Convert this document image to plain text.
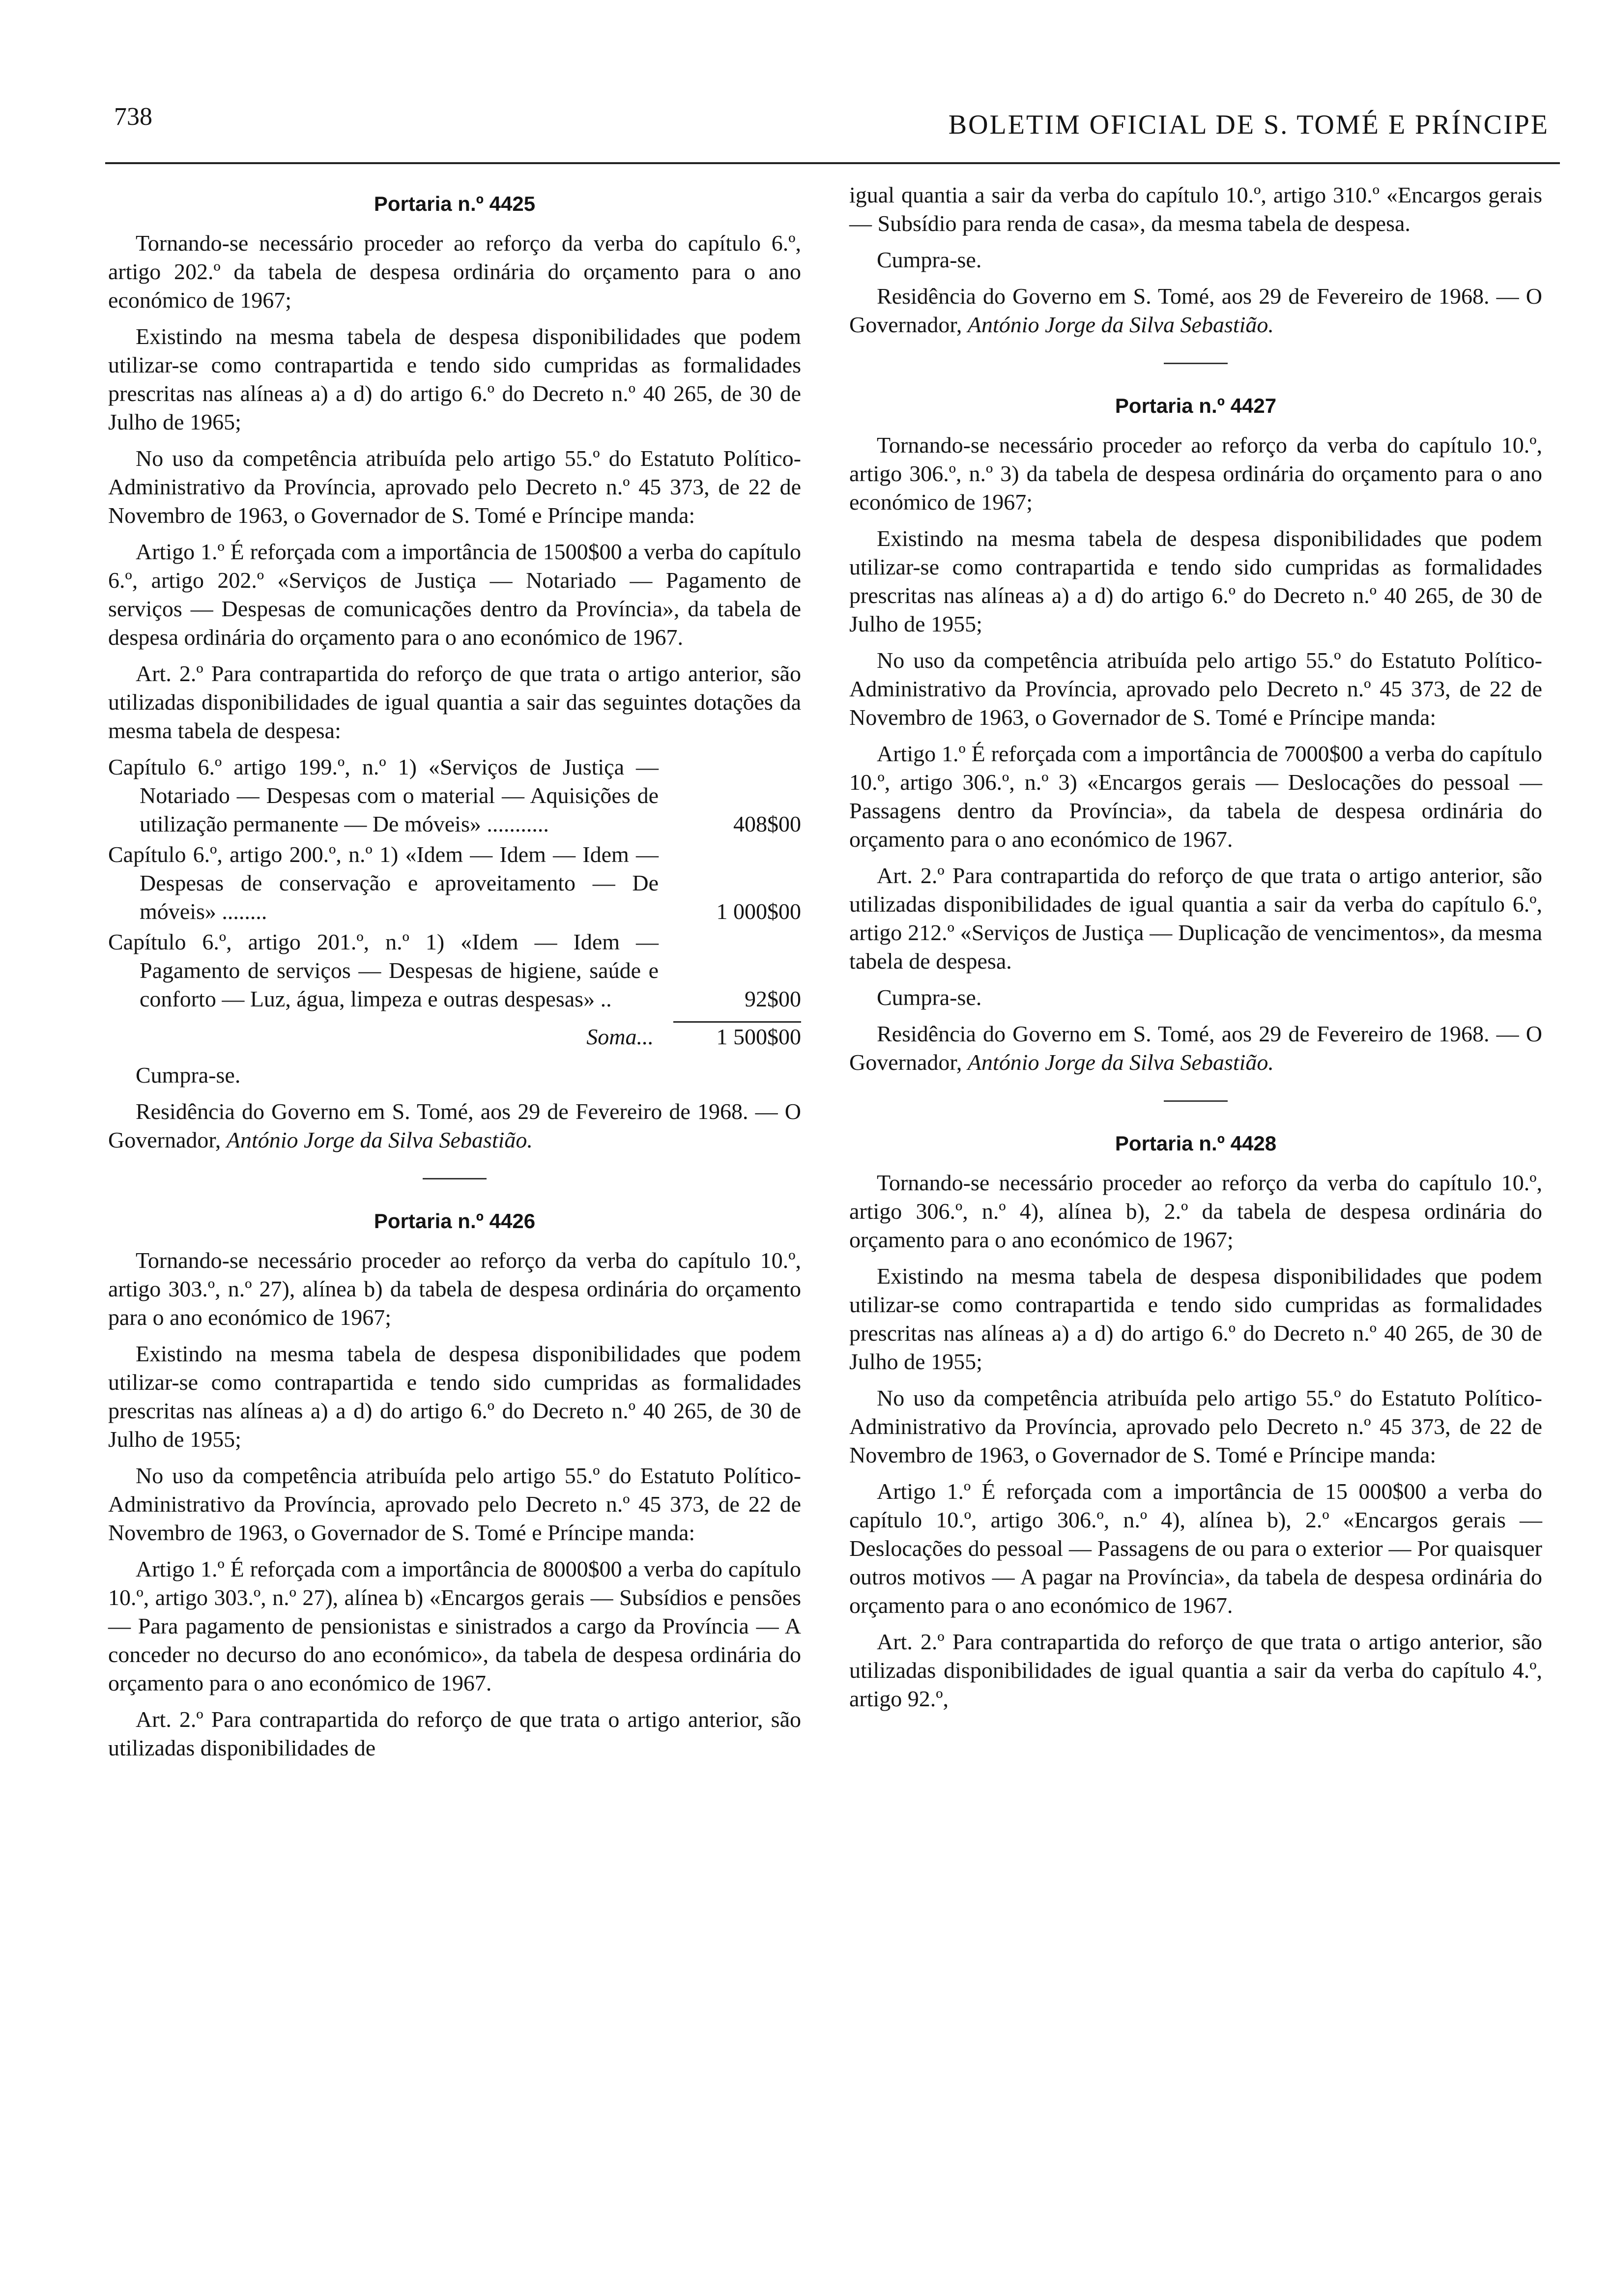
738	BOLETIM OFICIAL DE S. TOMÉ E PRÍNCIPE
Portaria n.º 4425

Tornando-se necessário proceder ao reforço da verba do capítulo 6.º, artigo 202.º da tabela de despesa ordinária do orçamento para o ano económico de 1967;

Existindo na mesma tabela de despesa disponibilidades que podem utilizar-se como contrapartida e tendo sido cumpridas as formalidades prescritas nas alíneas a) a d) do artigo 6.º do Decreto n.º 40 265, de 30 de Julho de 1965;

No uso da competência atribuída pelo artigo 55.º do Estatuto Político-Administrativo da Província, aprovado pelo Decreto n.º 45 373, de 22 de Novembro de 1963, o Governador de S. Tomé e Príncipe manda:

Artigo 1.º É reforçada com a importância de 1500$00 a verba do capítulo 6.º, artigo 202.º «Serviços de Justiça — Notariado — Pagamento de serviços — Despesas de comunicações dentro da Província», da tabela de despesa ordinária do orçamento para o ano económico de 1967.

Art. 2.º Para contrapartida do reforço de que trata o artigo anterior, são utilizadas disponibilidades de igual quantia a sair das seguintes dotações da mesma tabela de despesa:

Capítulo 6.º artigo 199.º, n.º 1) «Serviços de Justiça — Notariado — Despesas com o material — Aquisições de utilização permanente — De móveis» ...........	408$00
Capítulo 6.º, artigo 200.º, n.º 1) «Idem — Idem — Idem — Despesas de conservação e aproveitamento — De móveis» ........	1 000$00
Capítulo 6.º, artigo 201.º, n.º 1) «Idem — Idem — Pagamento de serviços — Despesas de higiene, saúde e conforto — Luz, água, limpeza e outras despesas» ..	92$00
Soma...	1 500$00

Cumpra-se.

Residência do Governo em S. Tomé, aos 29 de Fevereiro de 1968. — O Governador, António Jorge da Silva Sebastião.

Portaria n.º 4426

Tornando-se necessário proceder ao reforço da verba do capítulo 10.º, artigo 303.º, n.º 27), alínea b) da tabela de despesa ordinária do orçamento para o ano económico de 1967;

Existindo na mesma tabela de despesa disponibilidades que podem utilizar-se como contrapartida e tendo sido cumpridas as formalidades prescritas nas alíneas a) a d) do artigo 6.º do Decreto n.º 40 265, de 30 de Julho de 1955;

No uso da competência atribuída pelo artigo 55.º do Estatuto Político-Administrativo da Província, aprovado pelo Decreto n.º 45 373, de 22 de Novembro de 1963, o Governador de S. Tomé e Príncipe manda:

Artigo 1.º É reforçada com a importância de 8000$00 a verba do capítulo 10.º, artigo 303.º, n.º 27), alínea b) «Encargos gerais — Subsídios e pensões — Para pagamento de pensionistas e sinistrados a cargo da Província — A conceder no decurso do ano económico», da tabela de despesa ordinária do orçamento para o ano económico de 1967.

Art. 2.º Para contrapartida do reforço de que trata o artigo anterior, são utilizadas disponibilidades de

igual quantia a sair da verba do capítulo 10.º, artigo 310.º «Encargos gerais — Subsídio para renda de casa», da mesma tabela de despesa.

Cumpra-se.

Residência do Governo em S. Tomé, aos 29 de Fevereiro de 1968. — O Governador, António Jorge da Silva Sebastião.

Portaria n.º 4427

Tornando-se necessário proceder ao reforço da verba do capítulo 10.º, artigo 306.º, n.º 3) da tabela de despesa ordinária do orçamento para o ano económico de 1967;

Existindo na mesma tabela de despesa disponibilidades que podem utilizar-se como contrapartida e tendo sido cumpridas as formalidades prescritas nas alíneas a) a d) do artigo 6.º do Decreto n.º 40 265, de 30 de Julho de 1955;

No uso da competência atribuída pelo artigo 55.º do Estatuto Político-Administrativo da Província, aprovado pelo Decreto n.º 45 373, de 22 de Novembro de 1963, o Governador de S. Tomé e Príncipe manda:

Artigo 1.º É reforçada com a importância de 7000$00 a verba do capítulo 10.º, artigo 306.º, n.º 3) «Encargos gerais — Deslocações do pessoal — Passagens dentro da Província», da tabela de despesa ordinária do orçamento para o ano económico de 1967.

Art. 2.º Para contrapartida do reforço de que trata o artigo anterior, são utilizadas disponibilidades de igual quantia a sair da verba do capítulo 6.º, artigo 212.º «Serviços de Justiça — Duplicação de vencimentos», da mesma tabela de despesa.

Cumpra-se.

Residência do Governo em S. Tomé, aos 29 de Fevereiro de 1968. — O Governador, António Jorge da Silva Sebastião.

Portaria n.º 4428

Tornando-se necessário proceder ao reforço da verba do capítulo 10.º, artigo 306.º, n.º 4), alínea b), 2.º da tabela de despesa ordinária do orçamento para o ano económico de 1967;

Existindo na mesma tabela de despesa disponibilidades que podem utilizar-se como contrapartida e tendo sido cumpridas as formalidades prescritas nas alíneas a) a d) do artigo 6.º do Decreto n.º 40 265, de 30 de Julho de 1955;

No uso da competência atribuída pelo artigo 55.º do Estatuto Político-Administrativo da Província, aprovado pelo Decreto n.º 45 373, de 22 de Novembro de 1963, o Governador de S. Tomé e Príncipe manda:

Artigo 1.º É reforçada com a importância de 15 000$00 a verba do capítulo 10.º, artigo 306.º, n.º 4), alínea b), 2.º «Encargos gerais — Deslocações do pessoal — Passagens de ou para o exterior — Por quaisquer outros motivos — A pagar na Província», da tabela de despesa ordinária do orçamento para o ano económico de 1967.

Art. 2.º Para contrapartida do reforço de que trata o artigo anterior, são utilizadas disponibilidades de igual quantia a sair da verba do capítulo 4.º, artigo 92.º,
